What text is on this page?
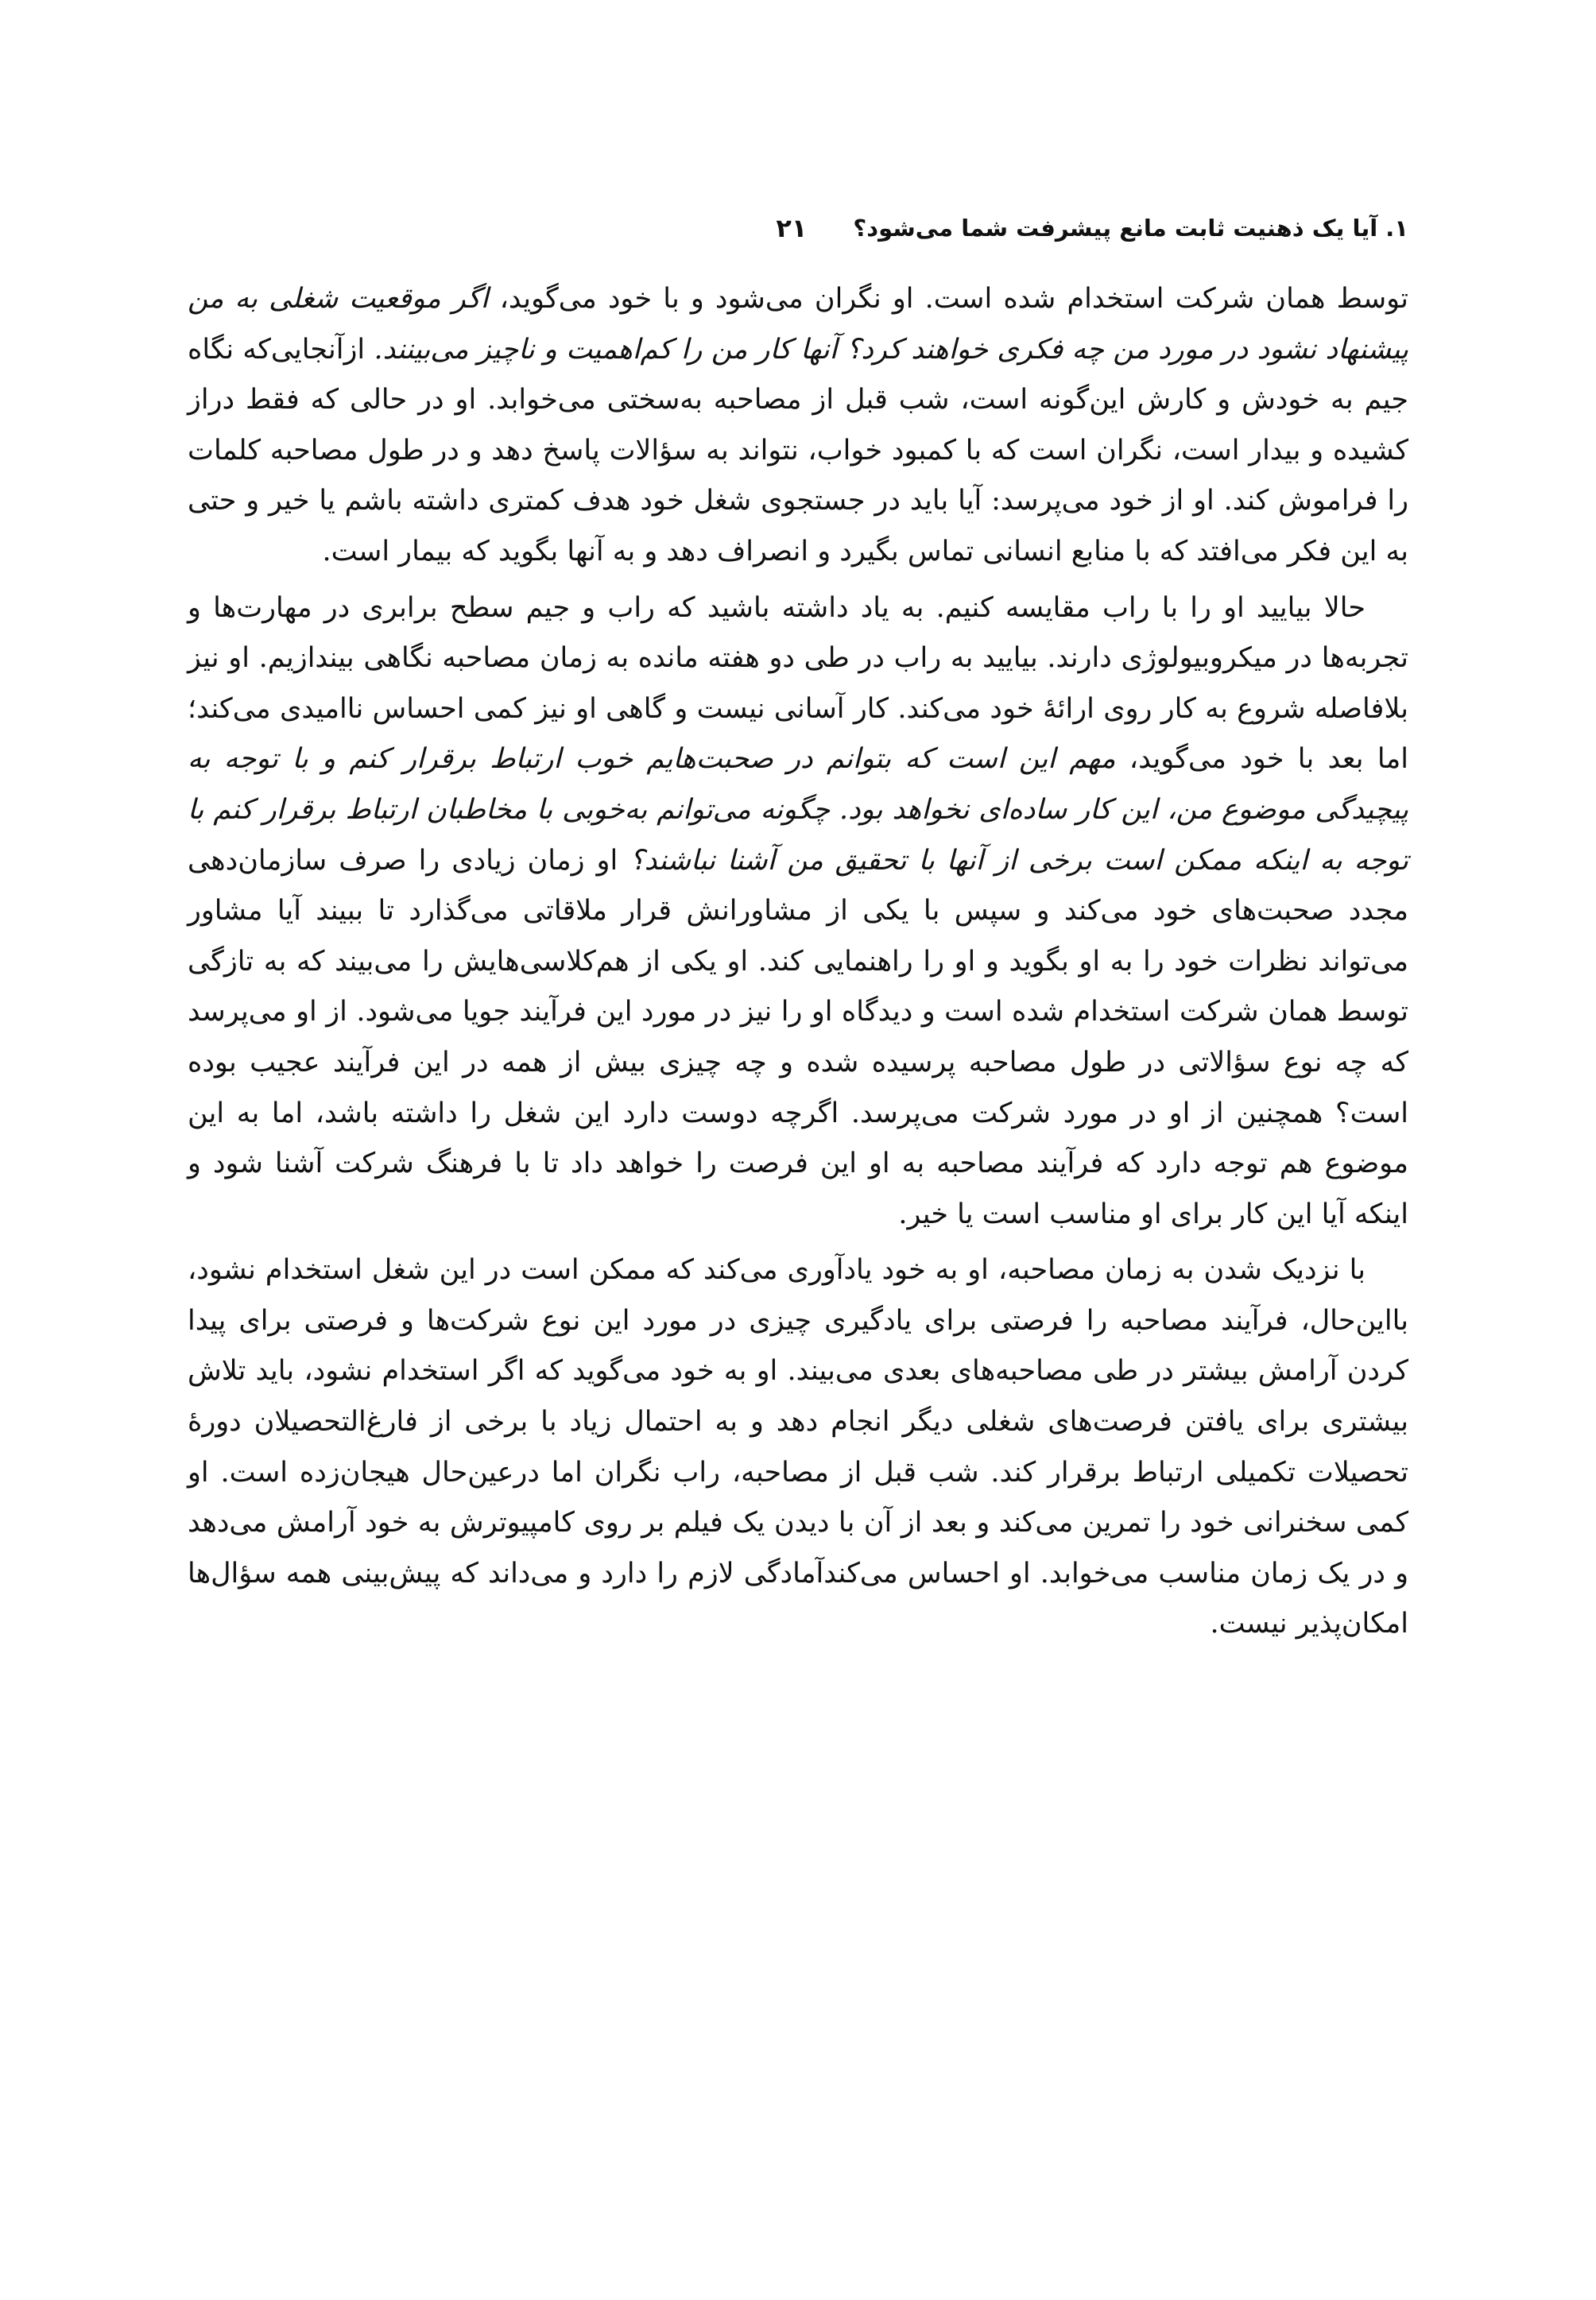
۱. آیا یک ذهنیت ثابت مانع پیشرفت شما می‌شود؟
۲۱

توسط همان شرکت استخدام شده است. او نگران می‌شود و با خود می‌گوید، اگر موقعیت شغلی به من پیشنهاد نشود در مورد من چه فکری خواهند کرد؟ آنها کار من را کم‌اهمیت و ناچیز می‌بینند. ازآنجایی‌که نگاه جیم به خودش و کارش این‌گونه است، شب قبل از مصاحبه به‌سختی می‌خوابد. او در حالی که فقط دراز کشیده و بیدار است، نگران است که با کمبود خواب، نتواند به سؤالات پاسخ دهد و در طول مصاحبه کلمات را فراموش کند. او از خود می‌پرسد: آیا باید در جستجوی شغل خود هدف کمتری داشته باشم یا خیر و حتی به این فکر می‌افتد که با منابع انسانی تماس بگیرد و انصراف دهد و به آنها بگوید که بیمار است.

حالا بیایید او را با راب مقایسه کنیم. به یاد داشته باشید که راب و جیم سطح برابری در مهارت‌ها و تجربه‌ها در میکروبیولوژی دارند. بیایید به راب در طی دو هفته مانده به زمان مصاحبه نگاهی بیندازیم. او نیز بلافاصله شروع به کار روی ارائهٔ خود می‌کند. کار آسانی نیست و گاهی او نیز کمی احساس ناامیدی می‌کند؛ اما بعد با خود می‌گوید، مهم این است که بتوانم در صحبت‌هایم خوب ارتباط برقرار کنم و با توجه به پیچیدگی موضوع من، این کار ساده‌ای نخواهد بود. چگونه می‌توانم به‌خوبی با مخاطبان ارتباط برقرار کنم با توجه به اینکه ممکن است برخی از آنها با تحقیق من آشنا نباشند؟ او زمان زیادی را صرف سازمان‌دهی مجدد صحبت‌های خود می‌کند و سپس با یکی از مشاورانش قرار ملاقاتی می‌گذارد تا ببیند آیا مشاور می‌تواند نظرات خود را به او بگوید و او را راهنمایی کند. او یکی از هم‌کلاسی‌هایش را می‌بیند که به تازگی توسط همان شرکت استخدام شده است و دیدگاه او را نیز در مورد این فرآیند جویا می‌شود. از او می‌پرسد که چه نوع سؤالاتی در طول مصاحبه پرسیده شده و چه چیزی بیش از همه در این فرآیند عجیب بوده است؟ همچنین از او در مورد شرکت می‌پرسد. اگرچه دوست دارد این شغل را داشته باشد، اما به این موضوع هم توجه دارد که فرآیند مصاحبه به او این فرصت را خواهد داد تا با فرهنگ شرکت آشنا شود و اینکه آیا این کار برای او مناسب است یا خیر.

با نزدیک شدن به زمان مصاحبه، او به خود یادآوری می‌کند که ممکن است در این شغل استخدام نشود، بااین‌حال، فرآیند مصاحبه را فرصتی برای یادگیری چیزی در مورد این نوع شرکت‌ها و فرصتی برای پیدا کردن آرامش بیشتر در طی مصاحبه‌های بعدی می‌بیند. او به خود می‌گوید که اگر استخدام نشود، باید تلاش بیشتری برای یافتن فرصت‌های شغلی دیگر انجام دهد و به احتمال زیاد با برخی از فارغ‌التحصیلان دورهٔ تحصیلات تکمیلی ارتباط برقرار کند. شب قبل از مصاحبه، راب نگران اما درعین‌حال هیجان‌زده است. او کمی سخنرانی خود را تمرین می‌کند و بعد از آن با دیدن یک فیلم بر روی کامپیوترش به خود آرامش می‌دهد و در یک زمان مناسب می‌خوابد. او احساس می‌کندآمادگی لازم را دارد و می‌داند که پیش‌بینی همه سؤال‌ها امکان‌پذیر نیست.
